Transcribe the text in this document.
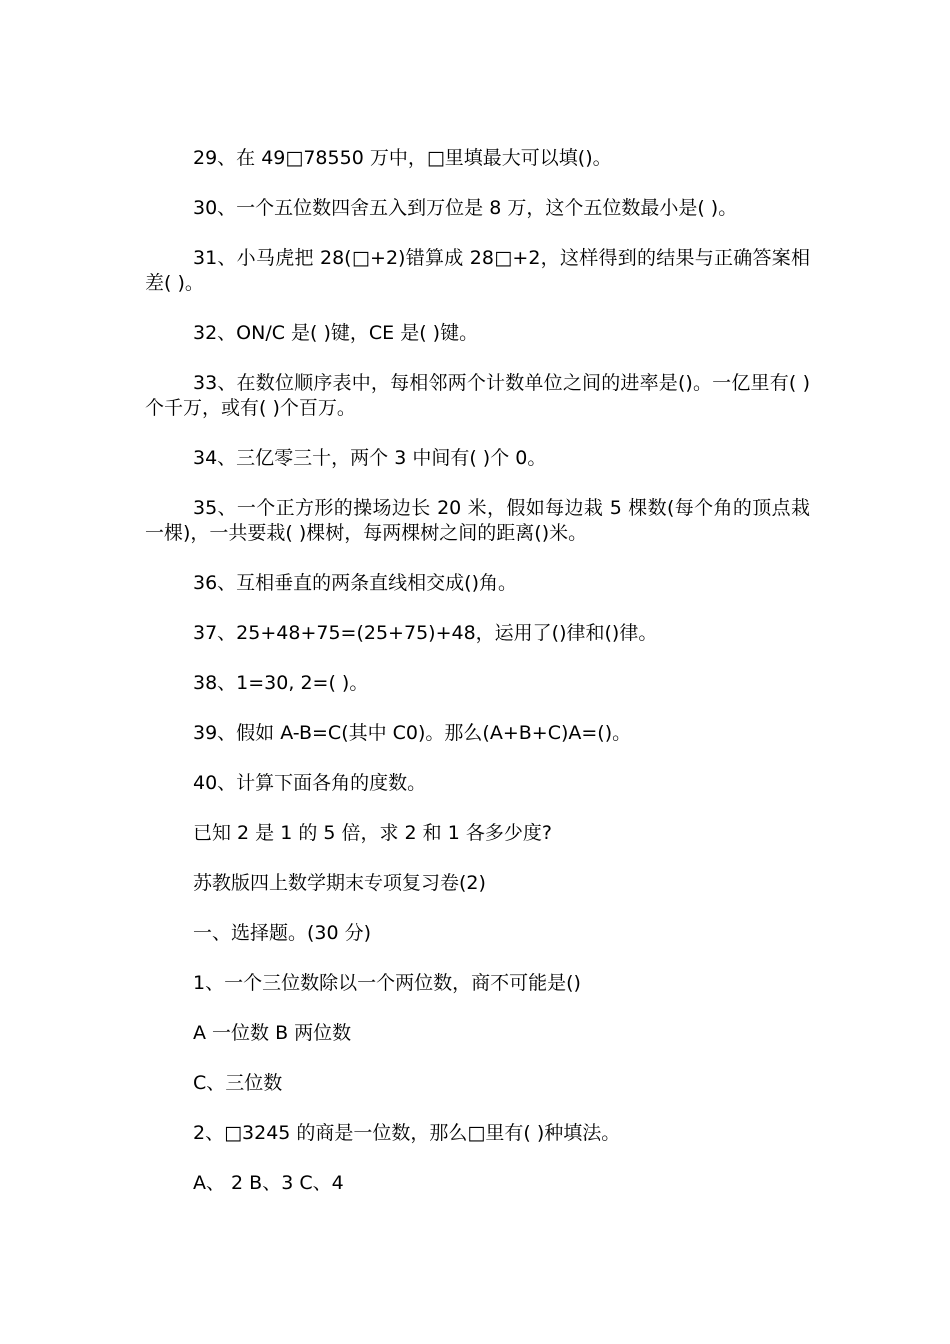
29、在 49□78550 万中，□里填最大可以填()。

30、一个五位数四舍五入到万位是 8 万，这个五位数最小是( )。

31、小马虎把 28(□+2)错算成 28□+2，这样得到的结果与正确答案相差( )。

32、ON/C 是( )键，CE 是( )键。

33、在数位顺序表中，每相邻两个计数单位之间的进率是()。一亿里有( )个千万，或有( )个百万。

34、三亿零三十，两个 3 中间有( )个 0。

35、一个正方形的操场边长 20 米，假如每边栽 5 棵数(每个角的顶点栽一棵)，一共要栽( )棵树，每两棵树之间的距离()米。

36、互相垂直的两条直线相交成()角。

37、25+48+75=(25+75)+48，运用了()律和()律。

38、1=30, 2=( )。

39、假如 A-B=C(其中 C0)。那么(A+B+C)A=()。

40、计算下面各角的度数。

已知 2 是 1 的 5 倍，求 2 和 1 各多少度?

苏教版四上数学期末专项复习卷(2)

一、选择题。(30 分)

1、一个三位数除以一个两位数，商不可能是()

A 一位数 B 两位数

C、三位数

2、□3245 的商是一位数，那么□里有( )种填法。

A、 2 B、3 C、4
